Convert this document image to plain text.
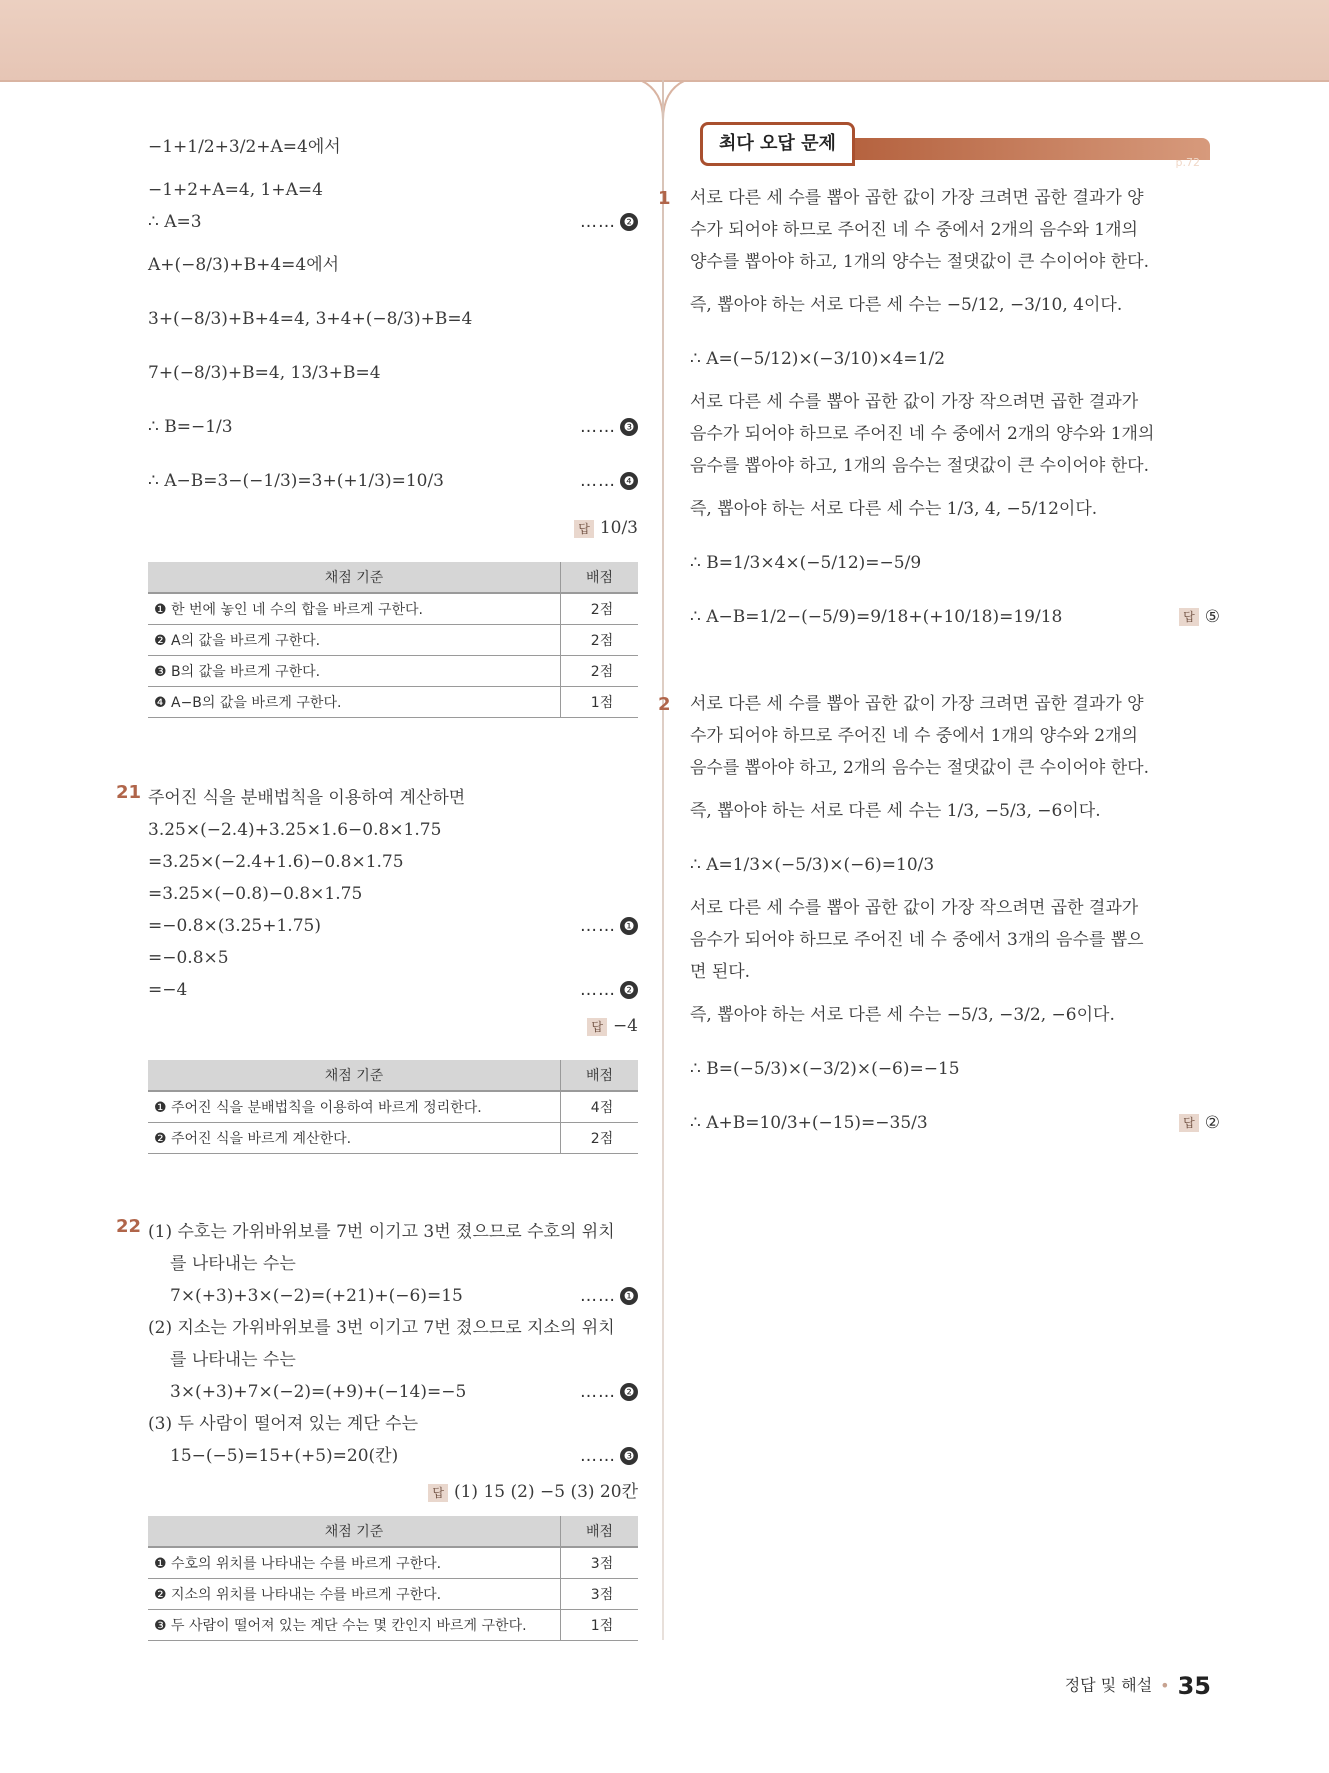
−1+1/2+3/2+A=4에서
−1+2+A=4, 1+A=4
∴ A=3	…… ❷
A+(−8/3)+B+4=4에서
3+(−8/3)+B+4=4, 3+4+(−8/3)+B=4
7+(−8/3)+B=4, 13/3+B=4
∴ B=−1/3	…… ❸
∴ A−B=3−(−1/3)=3+(+1/3)=10/3	…… ❹
답 10/3
채점 기준	배점
❶ 한 번에 놓인 네 수의 합을 바르게 구한다.	2점
❷ A의 값을 바르게 구한다.	2점
❸ B의 값을 바르게 구한다.	2점
❹ A−B의 값을 바르게 구한다.	1점
21 주어진 식을 분배법칙을 이용하여 계산하면
3.25×(−2.4)+3.25×1.6−0.8×1.75
=3.25×(−2.4+1.6)−0.8×1.75
=3.25×(−0.8)−0.8×1.75
=−0.8×(3.25+1.75)	…… ❶
=−0.8×5
=−4	…… ❷
답 −4
채점 기준	배점
❶ 주어진 식을 분배법칙을 이용하여 바르게 정리한다.	4점
❷ 주어진 식을 바르게 계산한다.	2점
22 (1) 수호는 가위바위보를 7번 이기고 3번 졌으므로 수호의 위치
를 나타내는 수는
7×(+3)+3×(−2)=(+21)+(−6)=15	…… ❶
(2) 지소는 가위바위보를 3번 이기고 7번 졌으므로 지소의 위치
를 나타내는 수는
3×(+3)+7×(−2)=(+9)+(−14)=−5	…… ❷
(3) 두 사람이 떨어져 있는 계단 수는
15−(−5)=15+(+5)=20(칸)	…… ❸
답 (1) 15 (2) −5 (3) 20칸
채점 기준	배점
❶ 수호의 위치를 나타내는 수를 바르게 구한다.	3점
❷ 지소의 위치를 나타내는 수를 바르게 구한다.	3점
❸ 두 사람이 떨어져 있는 계단 수는 몇 칸인지 바르게 구한다.	1점
최다 오답 문제
p.72
1 서로 다른 세 수를 뽑아 곱한 값이 가장 크려면 곱한 결과가 양
수가 되어야 하므로 주어진 네 수 중에서 2개의 음수와 1개의
양수를 뽑아야 하고, 1개의 양수는 절댓값이 큰 수이어야 한다.
즉, 뽑아야 하는 서로 다른 세 수는 −5/12, −3/10, 4이다.
∴ A=(−5/12)×(−3/10)×4=1/2
서로 다른 세 수를 뽑아 곱한 값이 가장 작으려면 곱한 결과가
음수가 되어야 하므로 주어진 네 수 중에서 2개의 양수와 1개의
음수를 뽑아야 하고, 1개의 음수는 절댓값이 큰 수이어야 한다.
즉, 뽑아야 하는 서로 다른 세 수는 1/3, 4, −5/12이다.
∴ B=1/3×4×(−5/12)=−5/9
∴ A−B=1/2−(−5/9)=9/18+(+10/18)=19/18	답 ⑤
2 서로 다른 세 수를 뽑아 곱한 값이 가장 크려면 곱한 결과가 양
수가 되어야 하므로 주어진 네 수 중에서 1개의 양수와 2개의
음수를 뽑아야 하고, 2개의 음수는 절댓값이 큰 수이어야 한다.
즉, 뽑아야 하는 서로 다른 세 수는 1/3, −5/3, −6이다.
∴ A=1/3×(−5/3)×(−6)=10/3
서로 다른 세 수를 뽑아 곱한 값이 가장 작으려면 곱한 결과가
음수가 되어야 하므로 주어진 네 수 중에서 3개의 음수를 뽑으
면 된다.
즉, 뽑아야 하는 서로 다른 세 수는 −5/3, −3/2, −6이다.
∴ B=(−5/3)×(−3/2)×(−6)=−15
∴ A+B=10/3+(−15)=−35/3	답 ②
정답 및 해설 • 35
